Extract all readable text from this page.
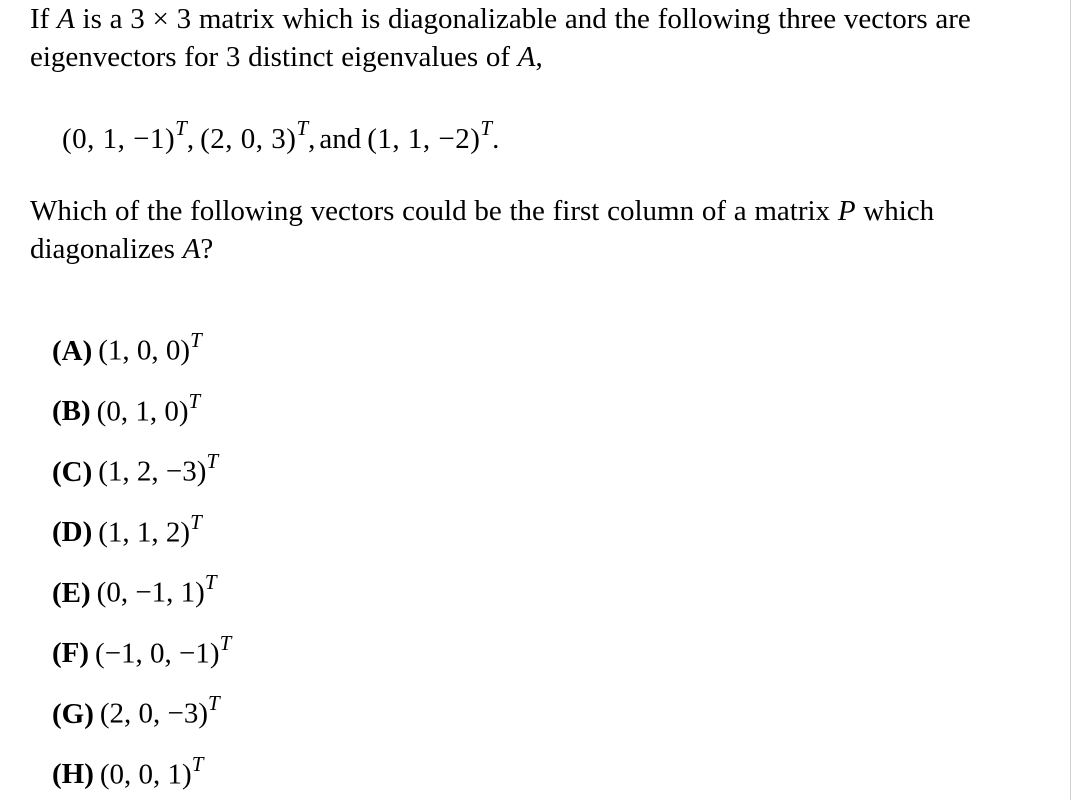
If A is a 3 × 3 matrix which is diagonalizable and the following three vectors are eigenvectors for 3 distinct eigenvalues of A,

(0, 1, −1)$^T$, (2, 0, 3)$^T$, and (1, 1, −2)$^T$.

Which of the following vectors could be the first column of a matrix P which diagonalizes A?

(A) (1, 0, 0)$^T$
(B) (0, 1, 0)$^T$
(C) (1, 2, −3)$^T$
(D) (1, 1, 2)$^T$
(E) (0, −1, 1)$^T$
(F) (−1, 0, −1)$^T$
(G) (2, 0, −3)$^T$
(H) (0, 0, 1)$^T$
